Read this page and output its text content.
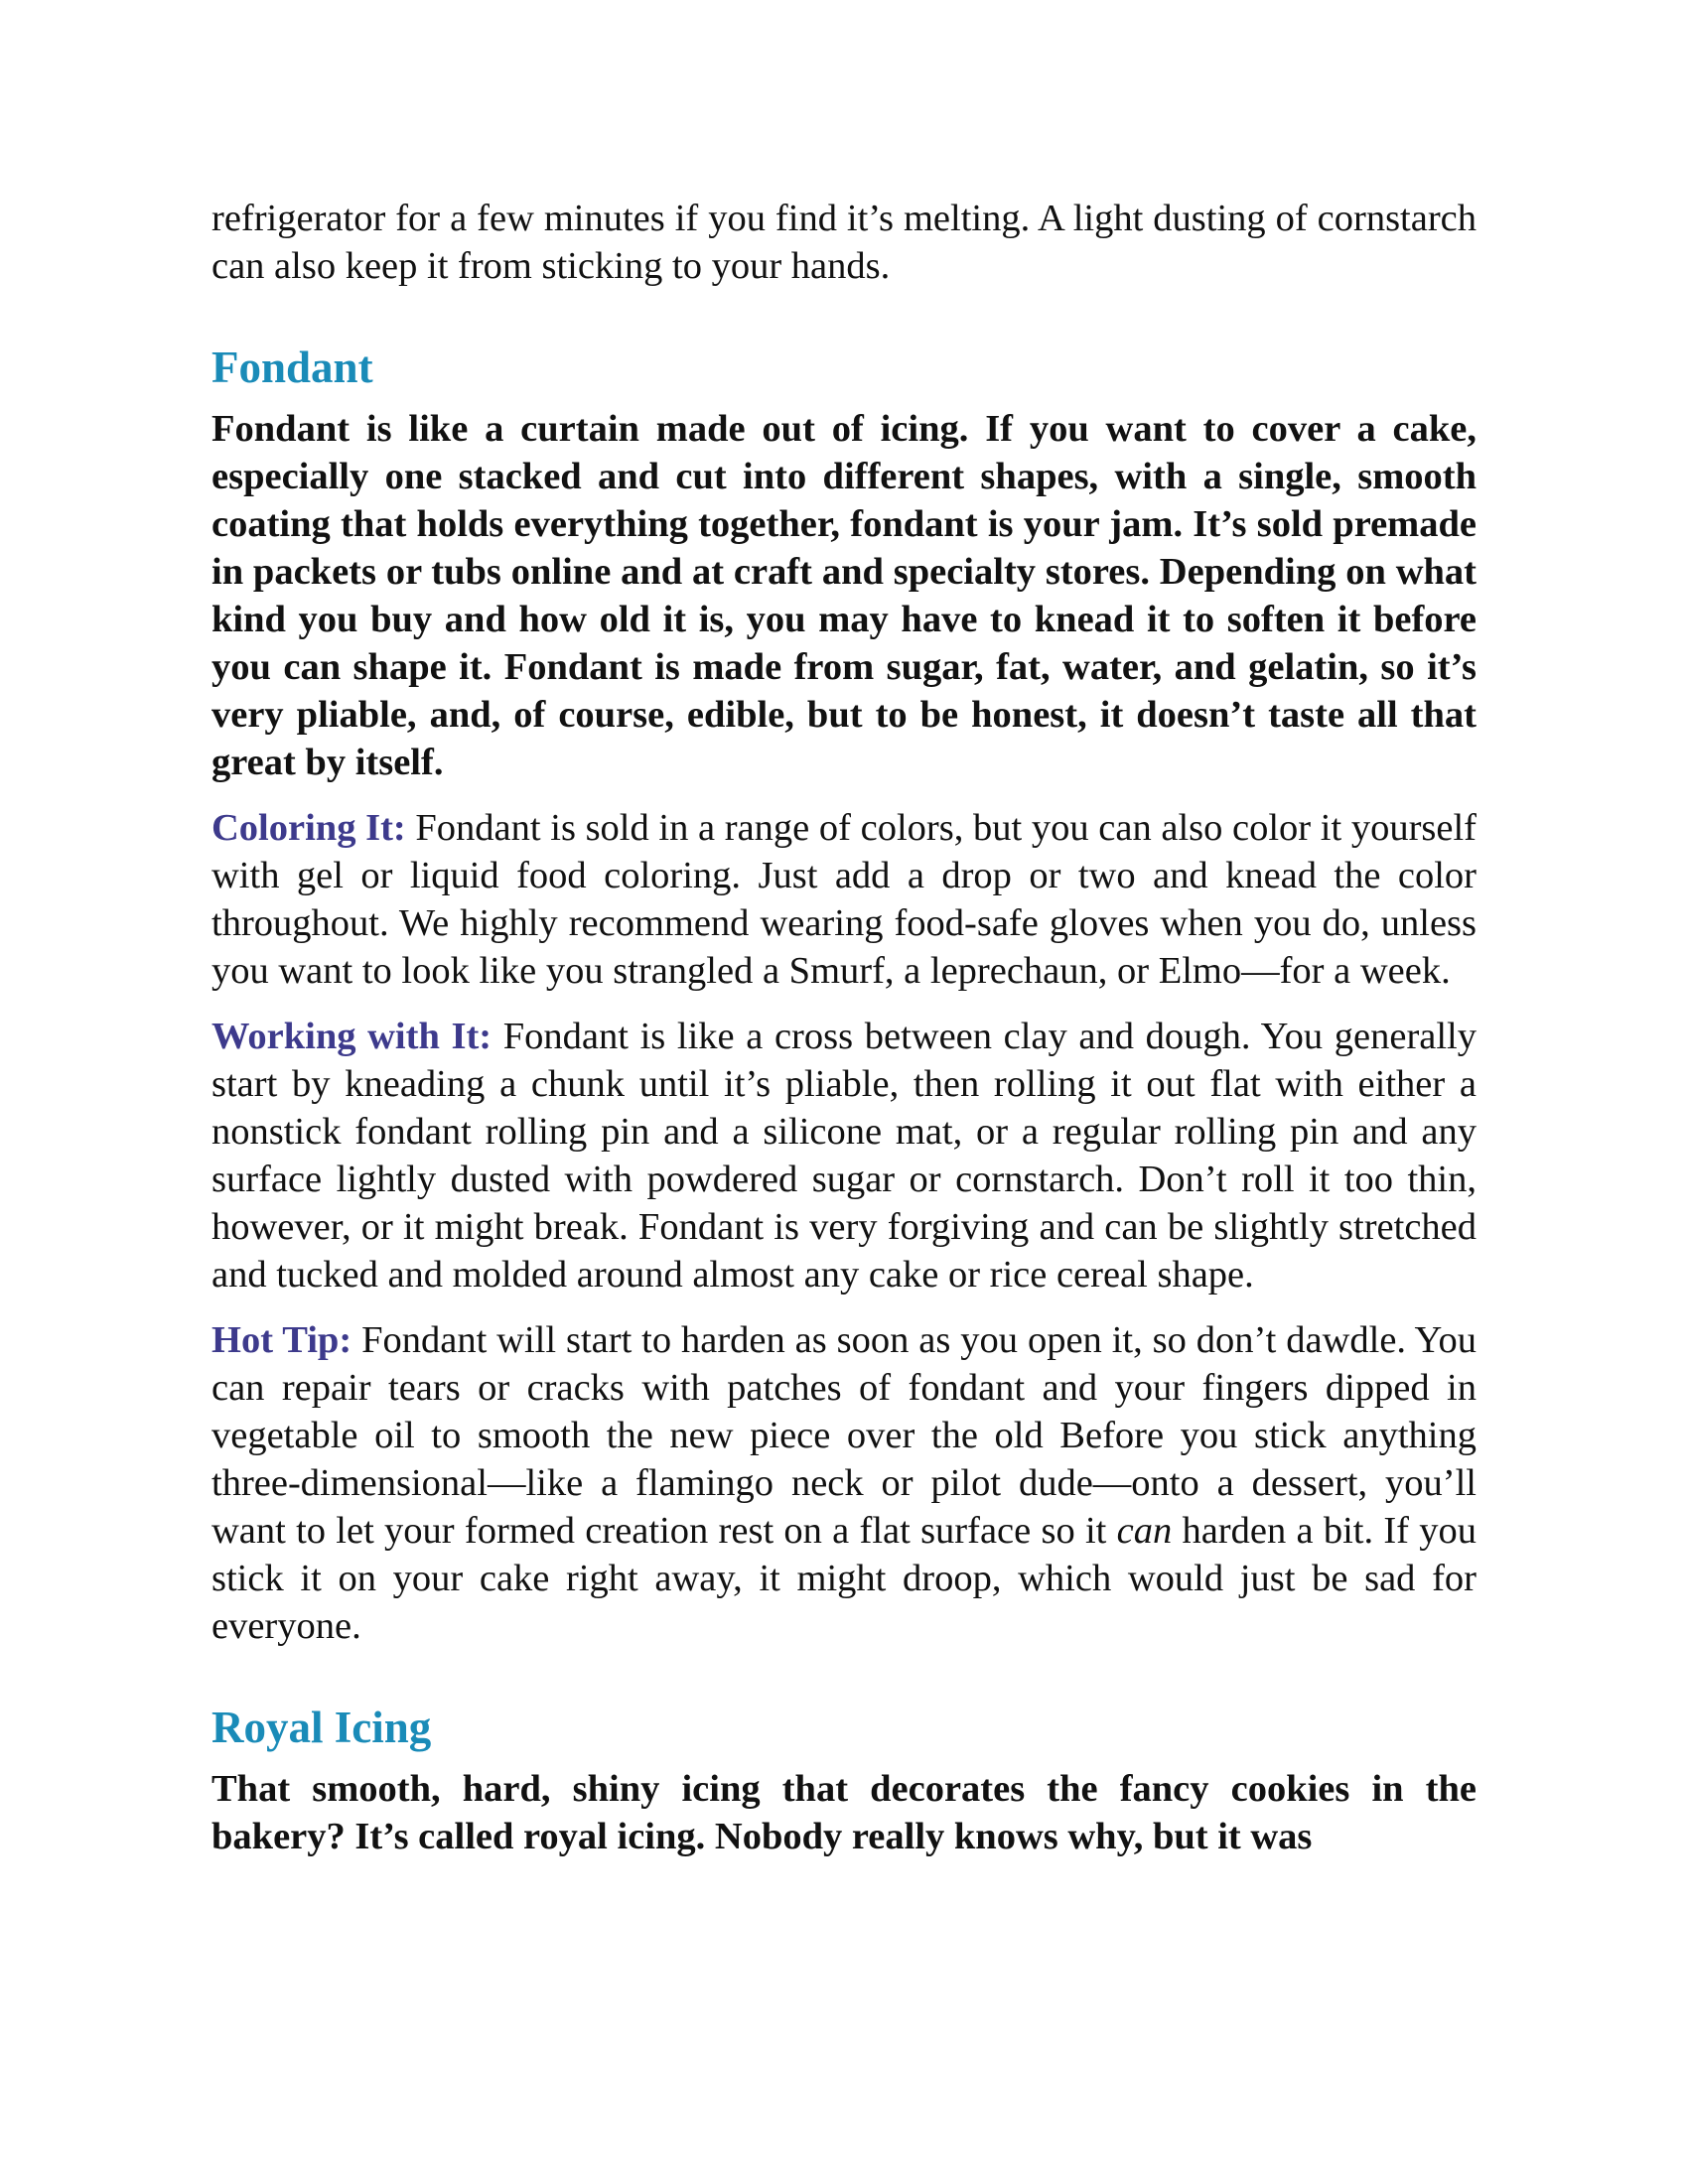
refrigerator for a few minutes if you find it’s melting. A light dusting of cornstarch can also keep it from sticking to your hands.

Fondant

Fondant is like a curtain made out of icing. If you want to cover a cake, especially one stacked and cut into different shapes, with a single, smooth coating that holds everything together, fondant is your jam. It’s sold premade in packets or tubs online and at craft and specialty stores. Depending on what kind you buy and how old it is, you may have to knead it to soften it before you can shape it. Fondant is made from sugar, fat, water, and gelatin, so it’s very pliable, and, of course, edible, but to be honest, it doesn’t taste all that great by itself.

Coloring It: Fondant is sold in a range of colors, but you can also color it yourself with gel or liquid food coloring. Just add a drop or two and knead the color throughout. We highly recommend wearing food-safe gloves when you do, unless you want to look like you strangled a Smurf, a leprechaun, or Elmo—for a week.

Working with It: Fondant is like a cross between clay and dough. You generally start by kneading a chunk until it’s pliable, then rolling it out flat with either a nonstick fondant rolling pin and a silicone mat, or a regular rolling pin and any surface lightly dusted with powdered sugar or cornstarch. Don’t roll it too thin, however, or it might break. Fondant is very forgiving and can be slightly stretched and tucked and molded around almost any cake or rice cereal shape.

Hot Tip: Fondant will start to harden as soon as you open it, so don’t dawdle. You can repair tears or cracks with patches of fondant and your fingers dipped in vegetable oil to smooth the new piece over the old Before you stick anything three-dimensional—like a flamingo neck or pilot dude—onto a dessert, you’ll want to let your formed creation rest on a flat surface so it can harden a bit. If you stick it on your cake right away, it might droop, which would just be sad for everyone.

Royal Icing

That smooth, hard, shiny icing that decorates the fancy cookies in the bakery? It’s called royal icing. Nobody really knows why, but it was
